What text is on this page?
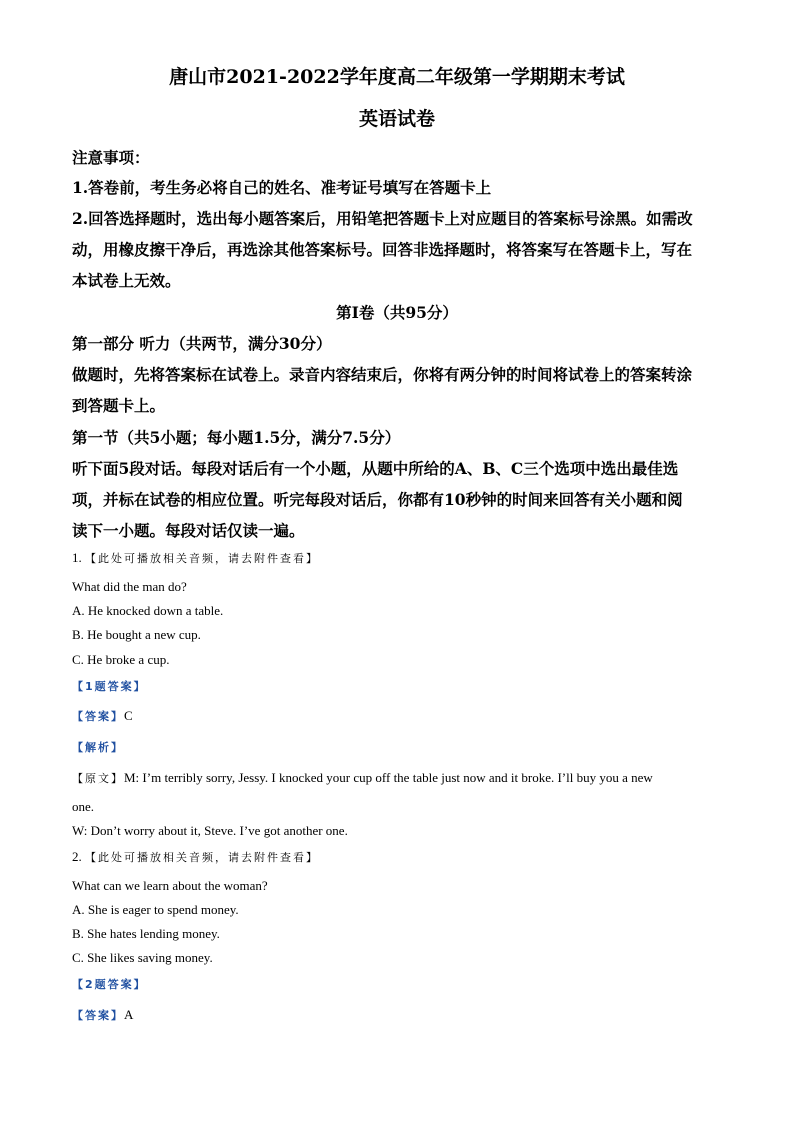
唐山市2021-2022学年度高二年级第一学期期末考试
英语试卷
注意事项：
1.答卷前，考生务必将自己的姓名、准考证号填写在答题卡上
2.回答选择题时，选出每小题答案后，用铅笔把答题卡上对应题目的答案标号涂黑。如需改
动，用橡皮擦干净后，再选涂其他答案标号。回答非选择题时，将答案写在答题卡上，写在
本试卷上无效。
第I卷（共95分）
第一部分 听力（共两节，满分30分）
做题时，先将答案标在试卷上。录音内容结束后，你将有两分钟的时间将试卷上的答案转涂
到答题卡上。
第一节（共5小题；每小题1.5分，满分7.5分）
听下面5段对话。每段对话后有一个小题，从题中所给的A、B、C三个选项中选出最佳选
项，并标在试卷的相应位置。听完每段对话后，你都有10秒钟的时间来回答有关小题和阅
读下一小题。每段对话仅读一遍。
1. 【此处可播放相关音频，请去附件查看】
What did the man do?
A. He knocked down a table.
B. He bought a new cup.
C. He broke a cup.
【1题答案】
【答案】C
【解析】
【原文】M: I’m terribly sorry, Jessy. I knocked your cup off the table just now and it broke. I’ll buy you a new
one.
W: Don’t worry about it, Steve. I’ve got another one.
2. 【此处可播放相关音频，请去附件查看】
What can we learn about the woman?
A. She is eager to spend money.
B. She hates lending money.
C. She likes saving money.
【2题答案】
【答案】A
